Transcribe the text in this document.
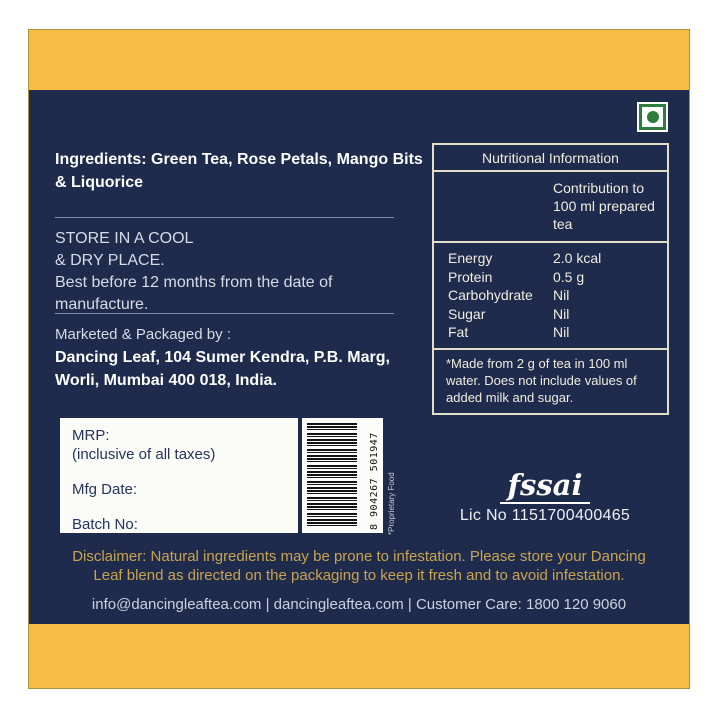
Ingredients: Green Tea, Rose Petals, Mango Bits
& Liquorice
STORE IN A COOL
& DRY PLACE.
Best before 12 months from the date of
manufacture.
Marketed & Packaged by :
Dancing Leaf, 104 Sumer Kendra, P.B. Marg,
Worli, Mumbai 400 018, India.
Nutritional Information
Contribution to 100 ml prepared tea
Energy	2.0 kcal
Protein	0.5 g
Carbohydrate	Nil
Sugar	Nil
Fat	Nil
*Made from 2 g of tea in 100 ml water. Does not include values of added milk and sugar.
MRP:
(inclusive of all taxes)
Mfg Date:
Batch No:	8 904267 501947 *Proprietary Food	fssai
Lic No 1151700400465
Disclaimer: Natural ingredients may be prone to infestation. Please store your Dancing
Leaf blend as directed on the packaging to keep it fresh and to avoid infestation.
info@dancingleaftea.com | dancingleaftea.com | Customer Care: 1800 120 9060
